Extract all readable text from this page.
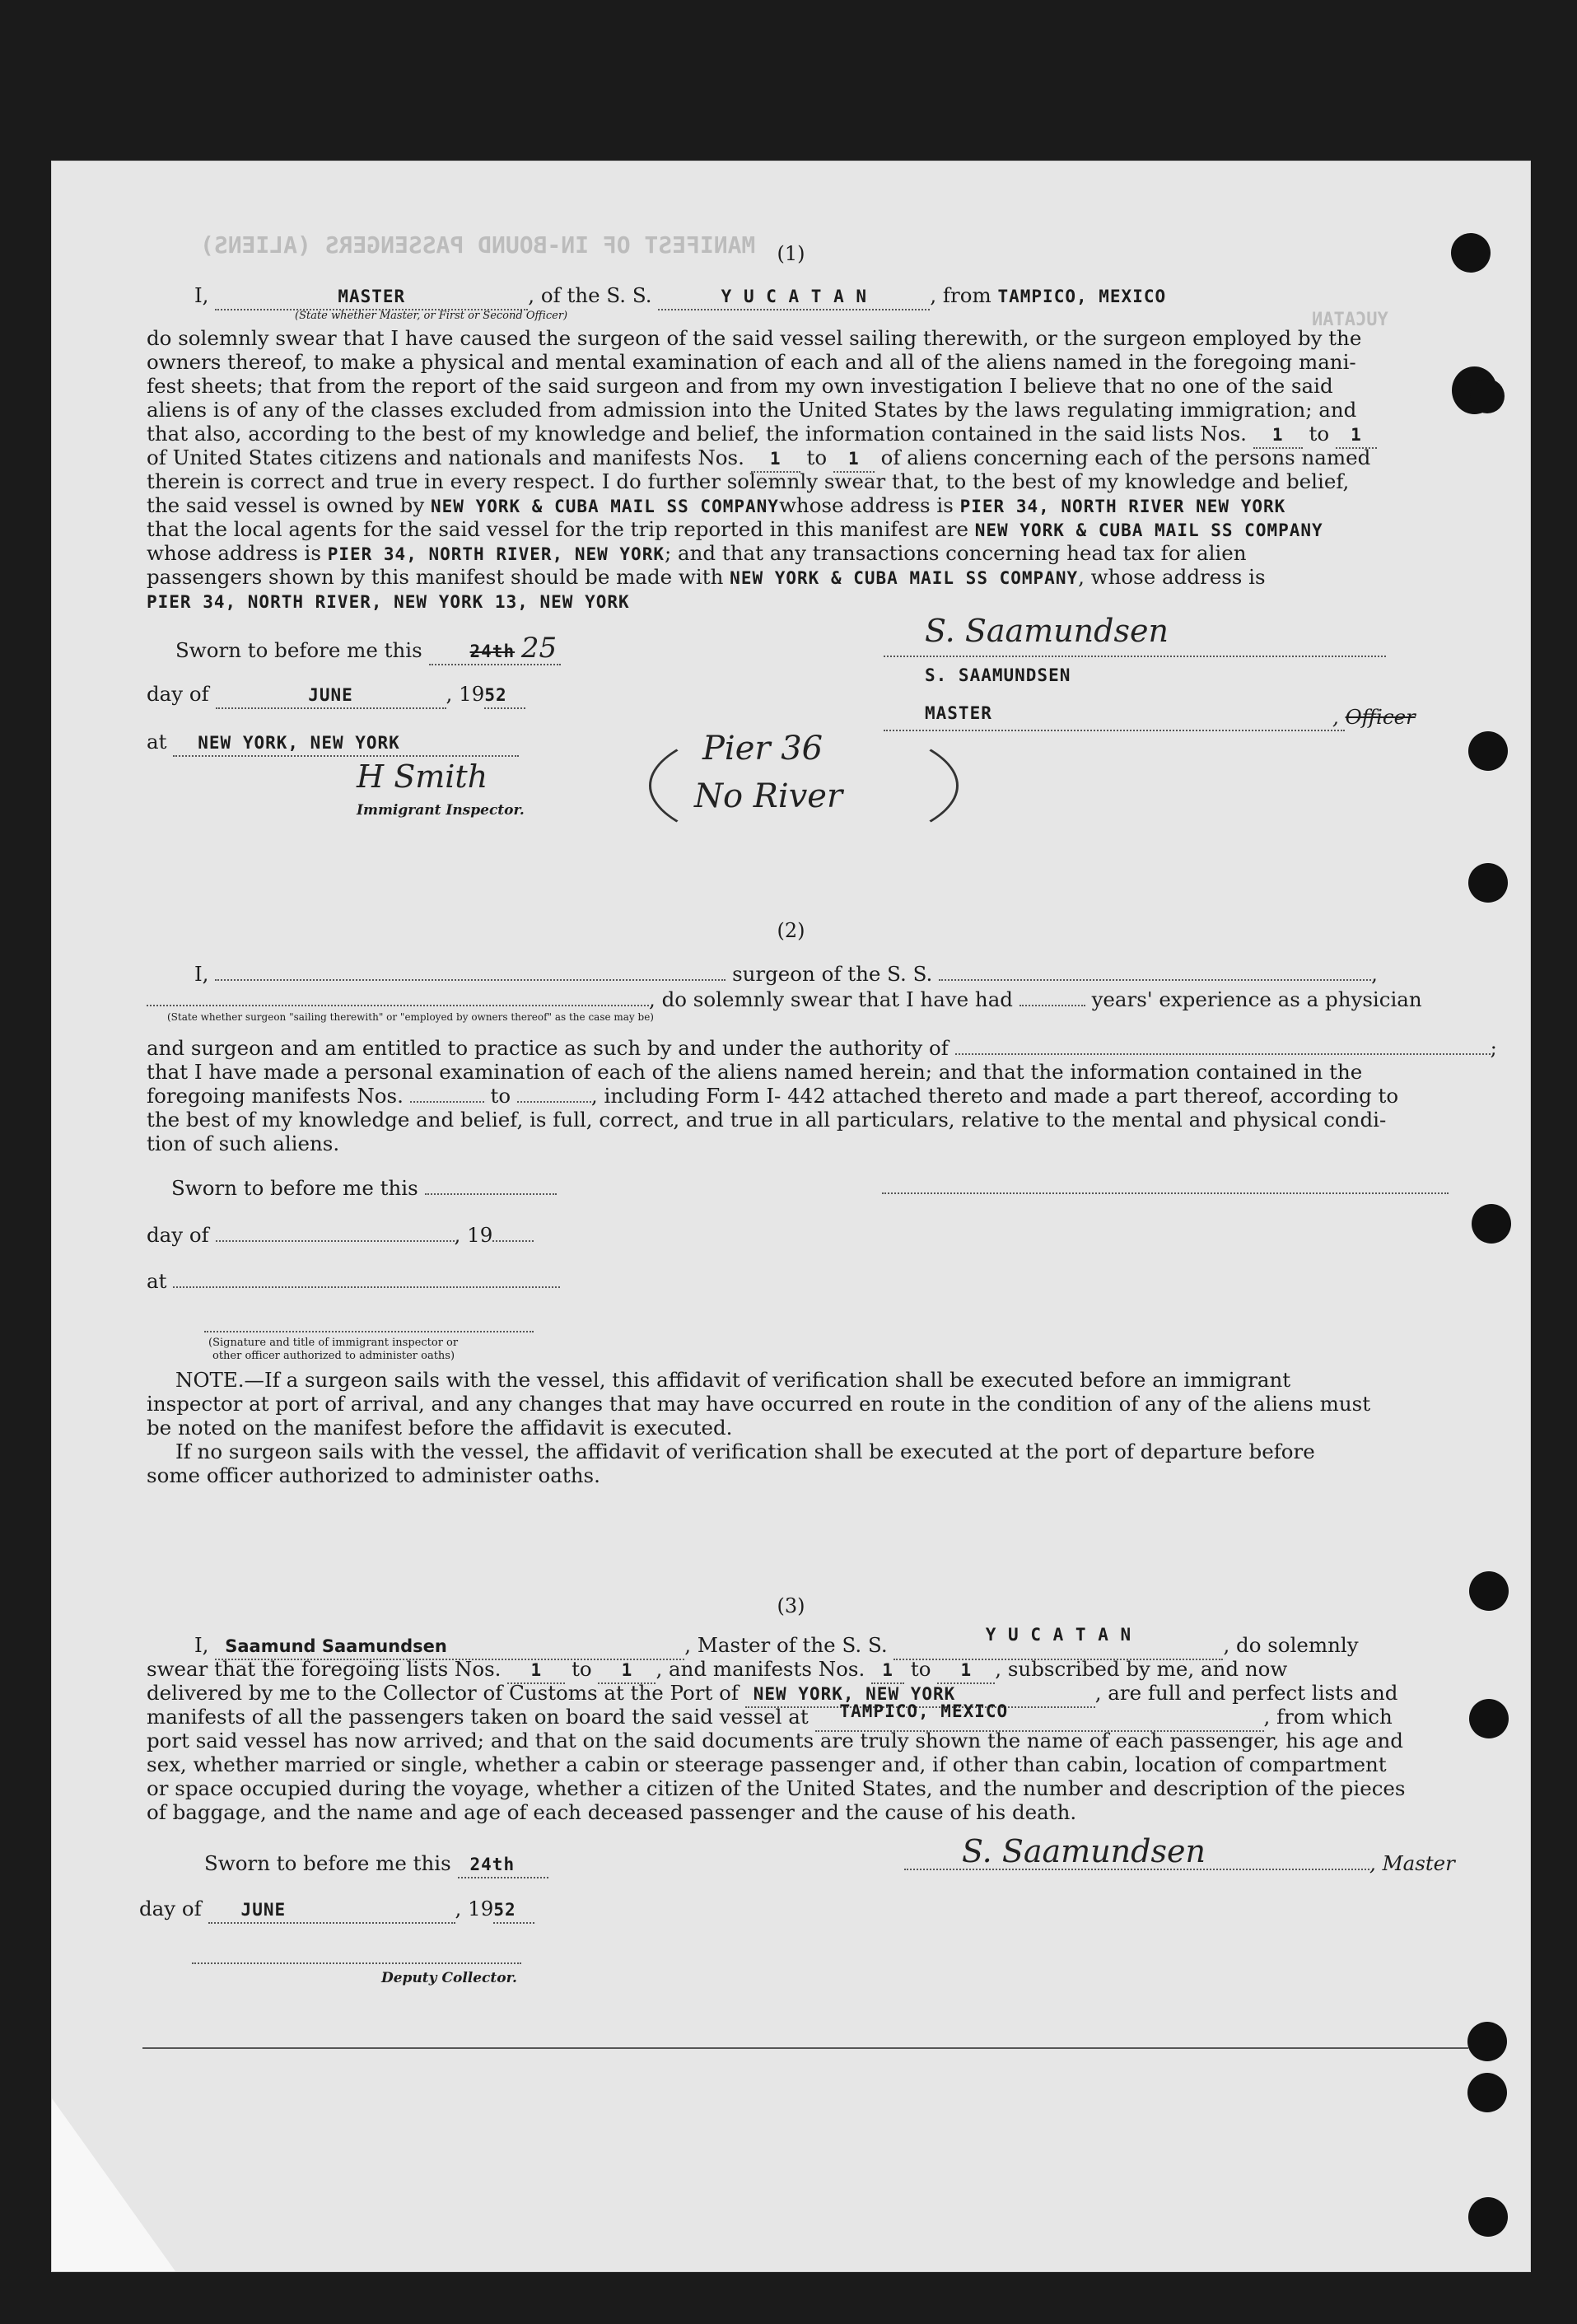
MANIFEST OF IN-BOUND PASSENGERS (ALIENS)
YUCATAN
(1)
I,	MASTER	, of the S. S.	Y U C A T A N	, from TAMPICO, MEXICO
(State whether Master, or First or Second Officer)
do solemnly swear that I have caused the surgeon of the said vessel sailing therewith, or the surgeon employed by the
owners thereof, to make a physical and mental examination of each and all of the aliens named in the foregoing mani-
fest sheets; that from the report of the said surgeon and from my own investigation I believe that no one of the said
aliens is of any of the classes excluded from admission into the United States by the laws regulating immigration; and
that also, according to the best of my knowledge and belief, the information contained in the said lists Nos. 1 to 1
of United States citizens and nationals and manifests Nos. 1 to 1 of aliens concerning each of the persons named
therein is correct and true in every respect. I do further solemnly swear that, to the best of my knowledge and belief,
the said vessel is owned by NEW YORK & CUBA MAIL SS COMPANYwhose address is PIER 34, NORTH RIVER NEW YORK
that the local agents for the said vessel for the trip reported in this manifest are NEW YORK & CUBA MAIL SS COMPANY
whose address is PIER 34, NORTH RIVER, NEW YORK; and that any transactions concerning head tax for alien
passengers shown by this manifest should be made with NEW YORK & CUBA MAIL SS COMPANY, whose address is
PIER 34, NORTH RIVER, NEW YORK 13, NEW YORK
Sworn to before me this	24th 25
day of	JUNE	, 1952
at NEW YORK, NEW YORK
H Smith
Immigrant Inspector.
S. Saamundsen
S. SAAMUNDSEN
MASTER	, Officer
Pier 36
No River
(2)
I,	surgeon of the S. S.	,
, do solemnly swear that I have had	years' experience as a physician
(State whether surgeon "sailing therewith" or "employed by owners thereof" as the case may be)
and surgeon and am entitled to practice as such by and under the authority of	;
that I have made a personal examination of each of the aliens named herein; and that the information contained in the
foregoing manifests Nos.	to	, including Form I- 442 attached thereto and made a part thereof, according to
the best of my knowledge and belief, is full, correct, and true in all particulars, relative to the mental and physical condi-
tion of such aliens.
Sworn to before me this
day of	, 19
at
(Signature and title of immigrant inspector or
other officer authorized to administer oaths)
NOTE.—If a surgeon sails with the vessel, this affidavit of verification shall be executed before an immigrant
inspector at port of arrival, and any changes that may have occurred en route in the condition of any of the aliens must
be noted on the manifest before the affidavit is executed.
If no surgeon sails with the vessel, the affidavit of verification shall be executed at the port of departure before
some officer authorized to administer oaths.
(3)
I, Saamund Saamundsen	, Master of the S. S.	Y U C A T A N	, do solemnly
swear that the foregoing lists Nos. 1 to 1 , and manifests Nos. 1 to 1 , subscribed by me, and now
delivered by me to the Collector of Customs at the Port of NEW YORK, NEW YORK	, are full and perfect lists and
manifests of all the passengers taken on board the said vessel at TAMPICO, MEXICO	, from which
port said vessel has now arrived; and that on the said documents are truly shown the name of each passenger, his age and
sex, whether married or single, whether a cabin or steerage passenger and, if other than cabin, location of compartment
or space occupied during the voyage, whether a citizen of the United States, and the number and description of the pieces
of baggage, and the name and age of each deceased passenger and the cause of his death.
Sworn to before me this 24th	S. Saamundsen	, Master
day of JUNE	, 1952
Deputy Collector.
